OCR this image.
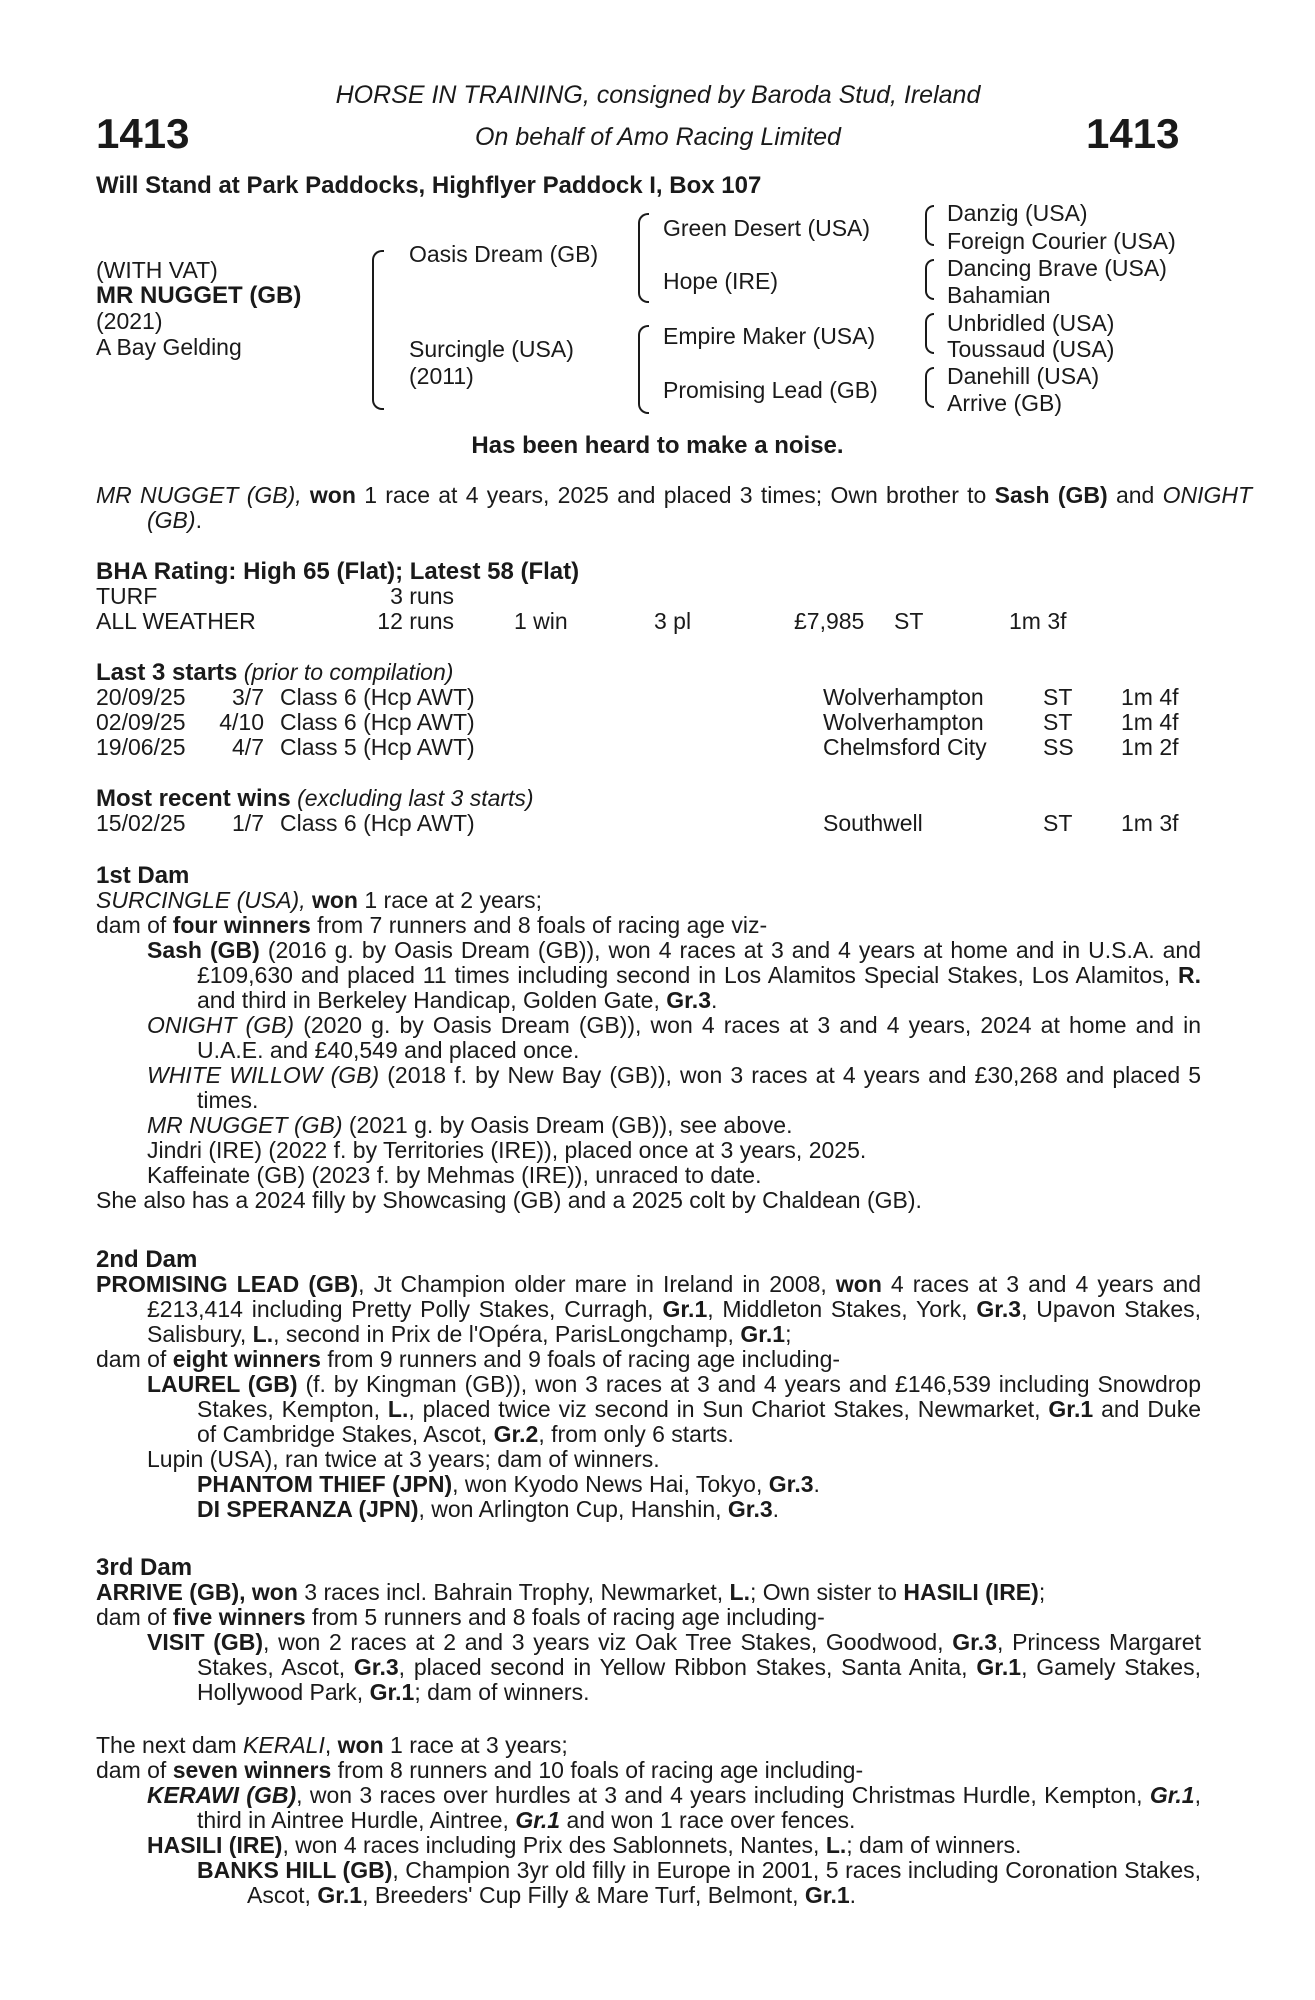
1413	1413
HORSE IN TRAINING, consigned by Baroda Stud, Ireland
On behalf of Amo Racing Limited
Will Stand at Park Paddocks, Highflyer Paddock I, Box 107
(WITH VAT)
MR NUGGET (GB)
(2021)
A Bay Gelding
Oasis Dream (GB)
Surcingle (USA)
(2011)
Green Desert (USA)
Hope (IRE)
Empire Maker (USA)
Promising Lead (GB)
Danzig (USA)
Foreign Courier (USA)
Dancing Brave (USA)
Bahamian
Unbridled (USA)
Toussaud (USA)
Danehill (USA)
Arrive (GB)
Has been heard to make a noise.
MR NUGGET (GB), won 1 race at 4 years, 2025 and placed 3 times; Own brother to Sash (GB) and ONIGHT (GB).
BHA Rating: High 65 (Flat); Latest 58 (Flat)
TURF	3 runs						
ALL WEATHER	12 runs		1 win		3 pl	£7,985	ST 1m 3f
Last 3 starts (prior to compilation)
20/09/25	3/7	Class 6 (Hcp AWT)	Wolverhampton	ST	1m 4f
02/09/25	4/10	Class 6 (Hcp AWT)	Wolverhampton	ST	1m 4f
19/06/25	4/7	Class 5 (Hcp AWT)	Chelmsford City	SS	1m 2f
Most recent wins (excluding last 3 starts)
15/02/25	1/7	Class 6 (Hcp AWT)	Southwell	ST	1m 3f
1st Dam
SURCINGLE (USA), won 1 race at 2 years;
dam of four winners from 7 runners and 8 foals of racing age viz-
Sash (GB) (2016 g. by Oasis Dream (GB)), won 4 races at 3 and 4 years at home and in U.S.A. and £109,630 and placed 11 times including second in Los Alamitos Special Stakes, Los Alamitos, R. and third in Berkeley Handicap, Golden Gate, Gr.3.
ONIGHT (GB) (2020 g. by Oasis Dream (GB)), won 4 races at 3 and 4 years, 2024 at home and in U.A.E. and £40,549 and placed once.
WHITE WILLOW (GB) (2018 f. by New Bay (GB)), won 3 races at 4 years and £30,268 and placed 5 times.
MR NUGGET (GB) (2021 g. by Oasis Dream (GB)), see above.
Jindri (IRE) (2022 f. by Territories (IRE)), placed once at 3 years, 2025.
Kaffeinate (GB) (2023 f. by Mehmas (IRE)), unraced to date.
She also has a 2024 filly by Showcasing (GB) and a 2025 colt by Chaldean (GB).
2nd Dam
PROMISING LEAD (GB), Jt Champion older mare in Ireland in 2008, won 4 races at 3 and 4 years and £213,414 including Pretty Polly Stakes, Curragh, Gr.1, Middleton Stakes, York, Gr.3, Upavon Stakes, Salisbury, L., second in Prix de l'Opéra, ParisLongchamp, Gr.1;
dam of eight winners from 9 runners and 9 foals of racing age including-
LAUREL (GB) (f. by Kingman (GB)), won 3 races at 3 and 4 years and £146,539 including Snowdrop Stakes, Kempton, L., placed twice viz second in Sun Chariot Stakes, Newmarket, Gr.1 and Duke of Cambridge Stakes, Ascot, Gr.2, from only 6 starts.
Lupin (USA), ran twice at 3 years; dam of winners.
PHANTOM THIEF (JPN), won Kyodo News Hai, Tokyo, Gr.3.
DI SPERANZA (JPN), won Arlington Cup, Hanshin, Gr.3.
3rd Dam
ARRIVE (GB), won 3 races incl. Bahrain Trophy, Newmarket, L.; Own sister to HASILI (IRE);
dam of five winners from 5 runners and 8 foals of racing age including-
VISIT (GB), won 2 races at 2 and 3 years viz Oak Tree Stakes, Goodwood, Gr.3, Princess Margaret Stakes, Ascot, Gr.3, placed second in Yellow Ribbon Stakes, Santa Anita, Gr.1, Gamely Stakes, Hollywood Park, Gr.1; dam of winners.
The next dam KERALI, won 1 race at 3 years;
dam of seven winners from 8 runners and 10 foals of racing age including-
KERAWI (GB), won 3 races over hurdles at 3 and 4 years including Christmas Hurdle, Kempton, Gr.1, third in Aintree Hurdle, Aintree, Gr.1 and won 1 race over fences.
HASILI (IRE), won 4 races including Prix des Sablonnets, Nantes, L.; dam of winners.
BANKS HILL (GB), Champion 3yr old filly in Europe in 2001, 5 races including Coronation Stakes, Ascot, Gr.1, Breeders' Cup Filly & Mare Turf, Belmont, Gr.1.
